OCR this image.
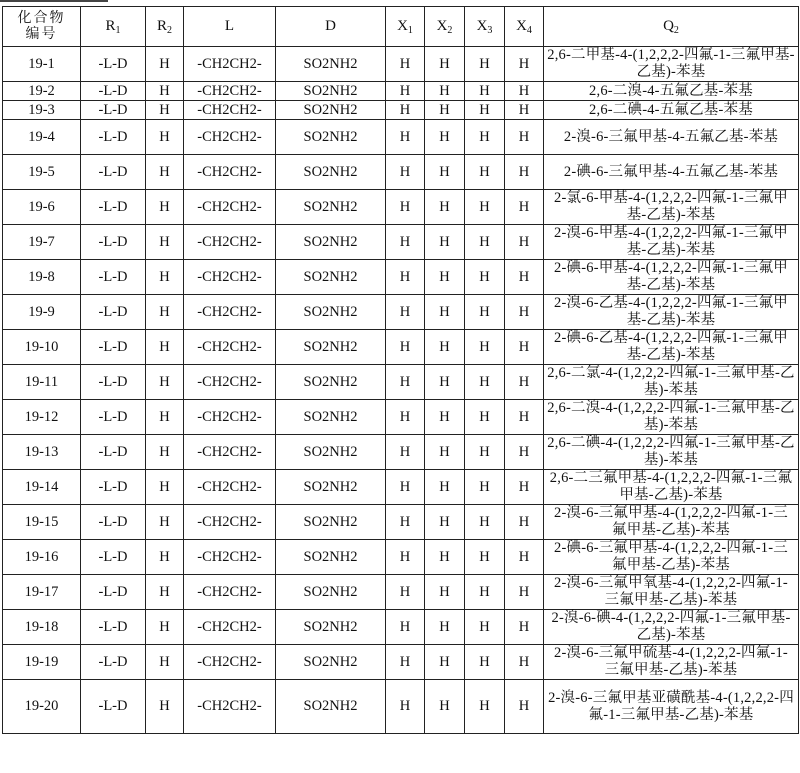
化合物
编号	$R_1$	$R_2$	L	D	$X_1$	$X_2$	$X_3$	$X_4$	$Q_2$
19-1	-L-D	H	-CH2CH2-	SO2NH2	H	H	H	H	2,6-二甲基-4-(1,2,2,2-四氟-1-三氟甲基-乙基)-苯基
19-2	-L-D	H	-CH2CH2-	SO2NH2	H	H	H	H	2,6-二溴-4-五氟乙基-苯基
19-3	-L-D	H	-CH2CH2-	SO2NH2	H	H	H	H	2,6-二碘-4-五氟乙基-苯基
19-4	-L-D	H	-CH2CH2-	SO2NH2	H	H	H	H	2-溴-6-三氟甲基-4-五氟乙基-苯基
19-5	-L-D	H	-CH2CH2-	SO2NH2	H	H	H	H	2-碘-6-三氟甲基-4-五氟乙基-苯基
19-6	-L-D	H	-CH2CH2-	SO2NH2	H	H	H	H	2-氯-6-甲基-4-(1,2,2,2-四氟-1-三氟甲基-乙基)-苯基
19-7	-L-D	H	-CH2CH2-	SO2NH2	H	H	H	H	2-溴-6-甲基-4-(1,2,2,2-四氟-1-三氟甲基-乙基)-苯基
19-8	-L-D	H	-CH2CH2-	SO2NH2	H	H	H	H	2-碘-6-甲基-4-(1,2,2,2-四氟-1-三氟甲基-乙基)-苯基
19-9	-L-D	H	-CH2CH2-	SO2NH2	H	H	H	H	2-溴-6-乙基-4-(1,2,2,2-四氟-1-三氟甲基-乙基)-苯基
19-10	-L-D	H	-CH2CH2-	SO2NH2	H	H	H	H	2-碘-6-乙基-4-(1,2,2,2-四氟-1-三氟甲基-乙基)-苯基
19-11	-L-D	H	-CH2CH2-	SO2NH2	H	H	H	H	2,6-二氯-4-(1,2,2,2-四氟-1-三氟甲基-乙基)-苯基
19-12	-L-D	H	-CH2CH2-	SO2NH2	H	H	H	H	2,6-二溴-4-(1,2,2,2-四氟-1-三氟甲基-乙基)-苯基
19-13	-L-D	H	-CH2CH2-	SO2NH2	H	H	H	H	2,6-二碘-4-(1,2,2,2-四氟-1-三氟甲基-乙基)-苯基
19-14	-L-D	H	-CH2CH2-	SO2NH2	H	H	H	H	2,6-二三氟甲基-4-(1,2,2,2-四氟-1-三氟甲基-乙基)-苯基
19-15	-L-D	H	-CH2CH2-	SO2NH2	H	H	H	H	2-溴-6-三氟甲基-4-(1,2,2,2-四氟-1-三氟甲基-乙基)-苯基
19-16	-L-D	H	-CH2CH2-	SO2NH2	H	H	H	H	2-碘-6-三氟甲基-4-(1,2,2,2-四氟-1-三氟甲基-乙基)-苯基
19-17	-L-D	H	-CH2CH2-	SO2NH2	H	H	H	H	2-溴-6-三氟甲氧基-4-(1,2,2,2-四氟-1-三氟甲基-乙基)-苯基
19-18	-L-D	H	-CH2CH2-	SO2NH2	H	H	H	H	2-溴-6-碘-4-(1,2,2,2-四氟-1-三氟甲基-乙基)-苯基
19-19	-L-D	H	-CH2CH2-	SO2NH2	H	H	H	H	2-溴-6-三氟甲硫基-4-(1,2,2,2-四氟-1-三氟甲基-乙基)-苯基
19-20	-L-D	H	-CH2CH2-	SO2NH2	H	H	H	H	2-溴-6-三氟甲基亚磺酰基-4-(1,2,2,2-四氟-1-三氟甲基-乙基)-苯基
